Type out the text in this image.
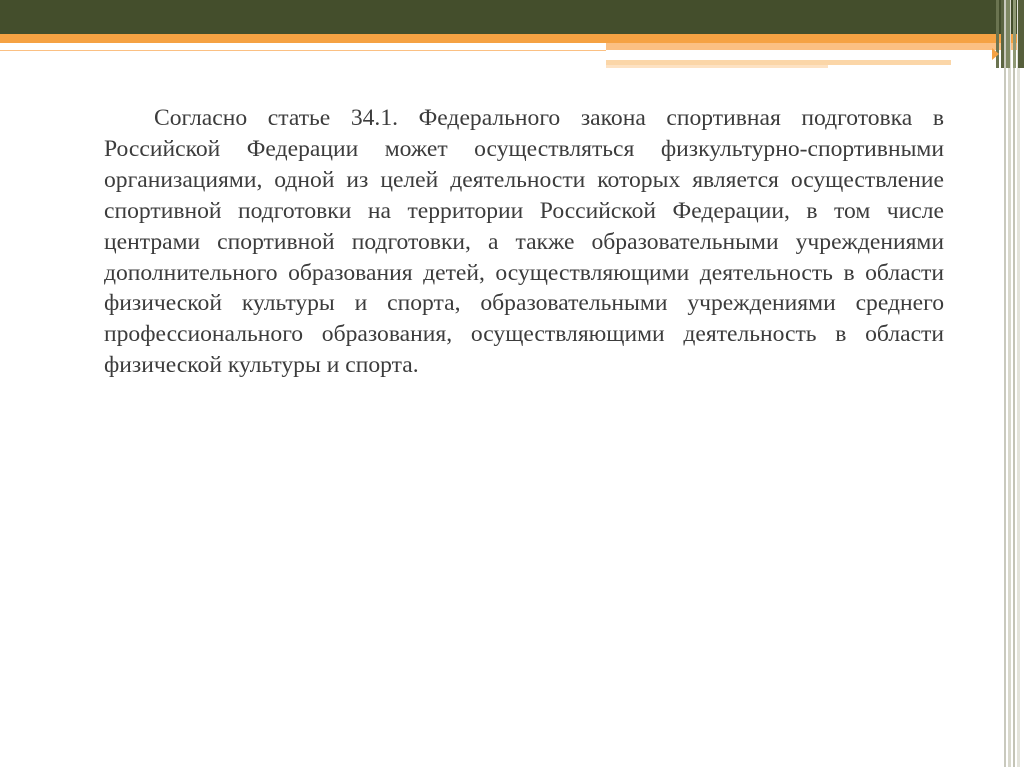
Согласно статье 34.1. Федерального закона спортивная подготовка в Российской Федерации может осуществляться физкультурно-спортивными организациями, одной из целей деятельности которых является осуществление спортивной подготовки на территории Российской Федерации, в том числе центрами спортивной подготовки, а также образовательными учреждениями дополнительного образования детей, осуществляющими деятельность в области физической культуры и спорта, образовательными учреждениями среднего профессионального образования, осуществляющими деятельность в области физической культуры и спорта.
